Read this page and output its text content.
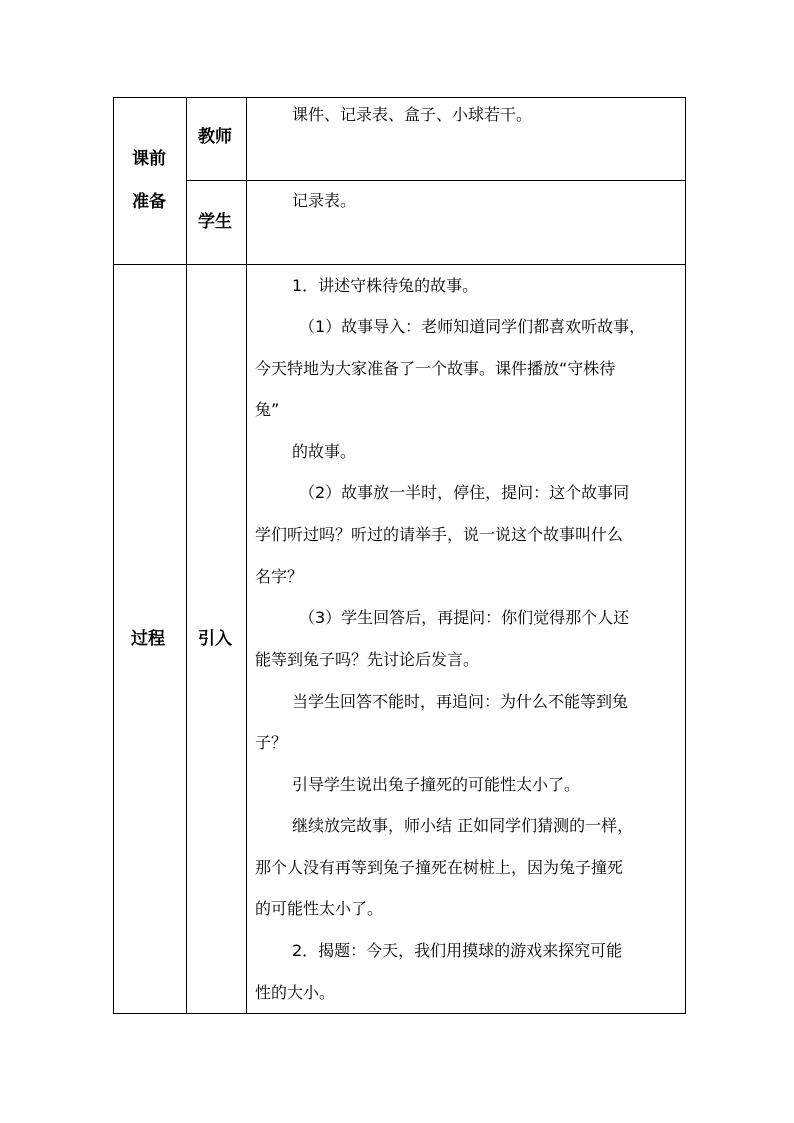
课前
准备
教师
课件、记录表、盒子、小球若干。
学生
记录表。
过程 引入
1．讲述守株待兔的故事。
（1）故事导入：老师知道同学们都喜欢听故事，
今天特地为大家准备了一个故事。课件播放“守株待
兔”
的故事。
（2）故事放一半时，停住，提问：这个故事同
学们听过吗？听过的请举手，说一说这个故事叫什么
名字？
（3）学生回答后，再提问：你们觉得那个人还
能等到兔子吗？先讨论后发言。
当学生回答不能时，再追问：为什么不能等到兔
子？
引导学生说出兔子撞死的可能性太小了。
继续放完故事，师小结 正如同学们猜测的一样，
那个人没有再等到兔子撞死在树桩上，因为兔子撞死
的可能性太小了。
2．揭题：今天，我们用摸球的游戏来探究可能
性的大小。
